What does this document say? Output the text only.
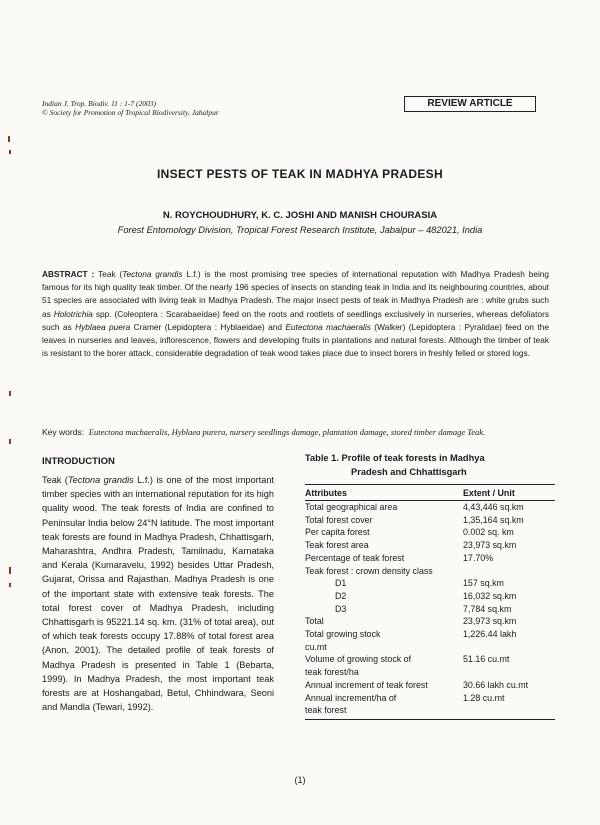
Indian J. Trop. Biodiv. 11 : 1-7 (2003)
© Society for Promotion of Tropical Biodiversity, Jabalpur
REVIEW ARTICLE
INSECT PESTS OF TEAK IN MADHYA PRADESH
N. ROYCHOUDHURY, K. C. JOSHI AND MANISH CHOURASIA
Forest Entomology Division, Tropical Forest Research Institute, Jabalpur – 482021, India
ABSTRACT : Teak (Tectona grandis L.f.) is the most promising tree species of international reputation with Madhya Pradesh being famous for its high quality teak timber. Of the nearly 196 species of insects on standing teak in India and its neighbouring countries, about 51 species are associated with living teak in Madhya Pradesh. The major insect pests of teak in Madhya Pradesh are : white grubs such as Holotrichia spp. (Coleoptera : Scarabaeidae) feed on the roots and rootlets of seedlings exclusively in nurseries, whereas defoliators such as Hyblaea puera Cramer (Lepidoptera : Hyblaeidae) and Eutectona machaeralis (Walker) (Lepidoptera : Pyralidae) feed on the leaves in nurseries and leaves, inflorescence, flowers and developing fruits in plantations and natural forests. Although the timber of teak is resistant to the borer attack, considerable degradation of teak wood takes place due to insect borers in freshly felled or stored logs.
Key words: Eutectona machaeralis, Hyblaea purera, nursery seedlings damage, plantation damage, stored timber damage Teak.
INTRODUCTION
Teak (Tectona grandis L.f.) is one of the most important timber species with an international reputation for its high quality wood. The teak forests of India are confined to Peninsular India below 24°N latitude. The most important teak forests are found in Madhya Pradesh, Chhattisgarh, Maharashtra, Andhra Pradesh, Tamilnadu, Karnataka and Kerala (Kumaravelu, 1992) besides Uttar Pradesh, Gujarat, Orissa and Rajasthan. Madhya Pradesh is one of the important state with extensive teak forests. The total forest cover of Madhya Pradesh, including Chhattisgarh is 95221.14 sq. km. (31% of total area), out of which teak forests occupy 17.88% of total forest area (Anon, 2001). The detailed profile of teak forests of Madhya Pradesh is presented in Table 1 (Bebarta, 1999). In Madhya Pradesh, the most important teak forests are at Hoshangabad, Betul, Chhindwara, Seoni and Mandla (Tewari, 1992).
Table 1. Profile of teak forests in Madhya
Pradesh and Chhattisgarh
Attributes	Extent / Unit
Total geographical area	4,43,446 sq.km
Total forest cover	1,35,164 sq.km
Per capita forest	0.002 sq. km
Teak forest area	23,973 sq.km
Percentage of teak forest	17.70%
Teak forest : crown density class	
D1	157 sq.km
D2	16,032 sq.km
D3	7,784 sq.km
Total	23,973 sq.km
Total growing stock	1,226.44 lakh
cu.mt	
Volume of growing stock of	51.16 cu.mt
teak forest/ha	
Annual increment of teak forest	30.66 lakh cu.mt
Annual increment/ha of	1.28 cu.mt
teak forest	
(1)
